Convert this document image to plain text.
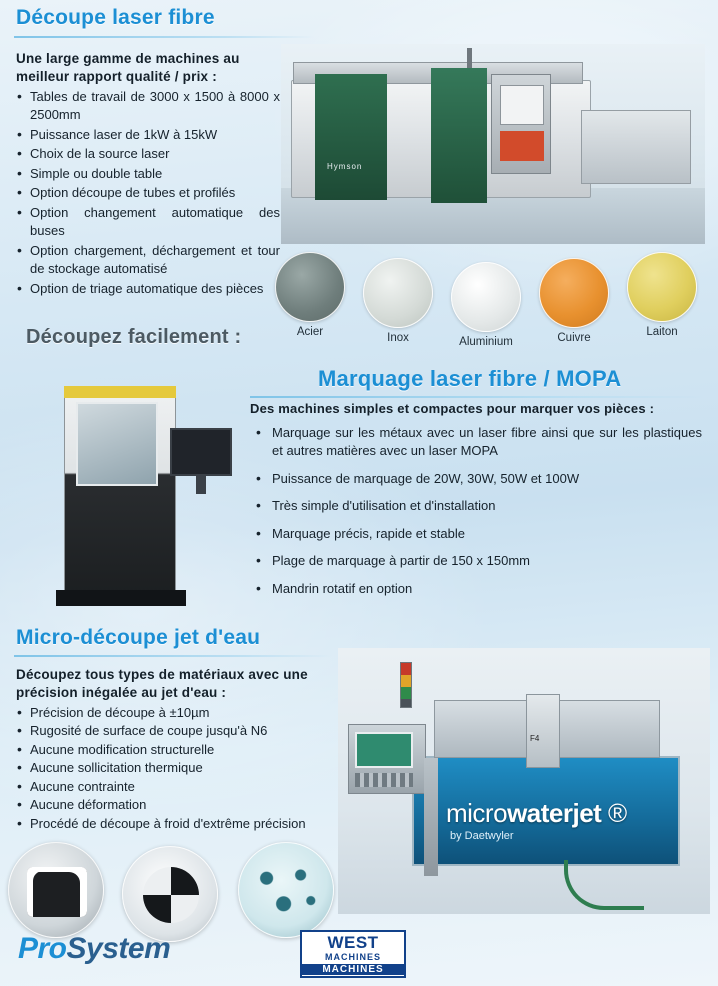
Découpe laser fibre
Une large gamme de machines au meilleur rapport qualité / prix :
• Tables de travail de 3000 x 1500 à 8000 x 2500mm
• Puissance laser de 1kW à 15kW
• Choix de la source laser
• Simple ou double table
• Option découpe de tubes et profilés
• Option changement automatique des buses
• Option chargement, déchargement et tour de stockage automatisé
• Option de triage automatique des pièces
Hymson
Acier	Inox	Aluminium	Cuivre	Laiton
Découpez facilement :
Marquage laser fibre / MOPA
Des machines simples et compactes pour marquer vos pièces :
• Marquage sur les métaux avec un laser fibre ainsi que sur les plastiques et autres matières avec un laser MOPA
• Puissance de marquage de 20W, 30W, 50W et 100W
• Très simple d'utilisation et d'installation
• Marquage précis, rapide et stable
• Plage de marquage à partir de 150 x 150mm
• Mandrin rotatif en option
Micro-découpe jet d'eau
Découpez tous types de matériaux avec une précision inégalée au jet d'eau :
• Précision de découpe à ±10µm
• Rugosité de surface de coupe jusqu'à N6
• Aucune modification structurelle
• Aucune sollicitation thermique
• Aucune contrainte
• Aucune déformation
• Procédé de découpe à froid d'extrême précision
F4
microwaterjet ®
by Daetwyler
ProSystem	WEST
MACHINES
MACHINES
